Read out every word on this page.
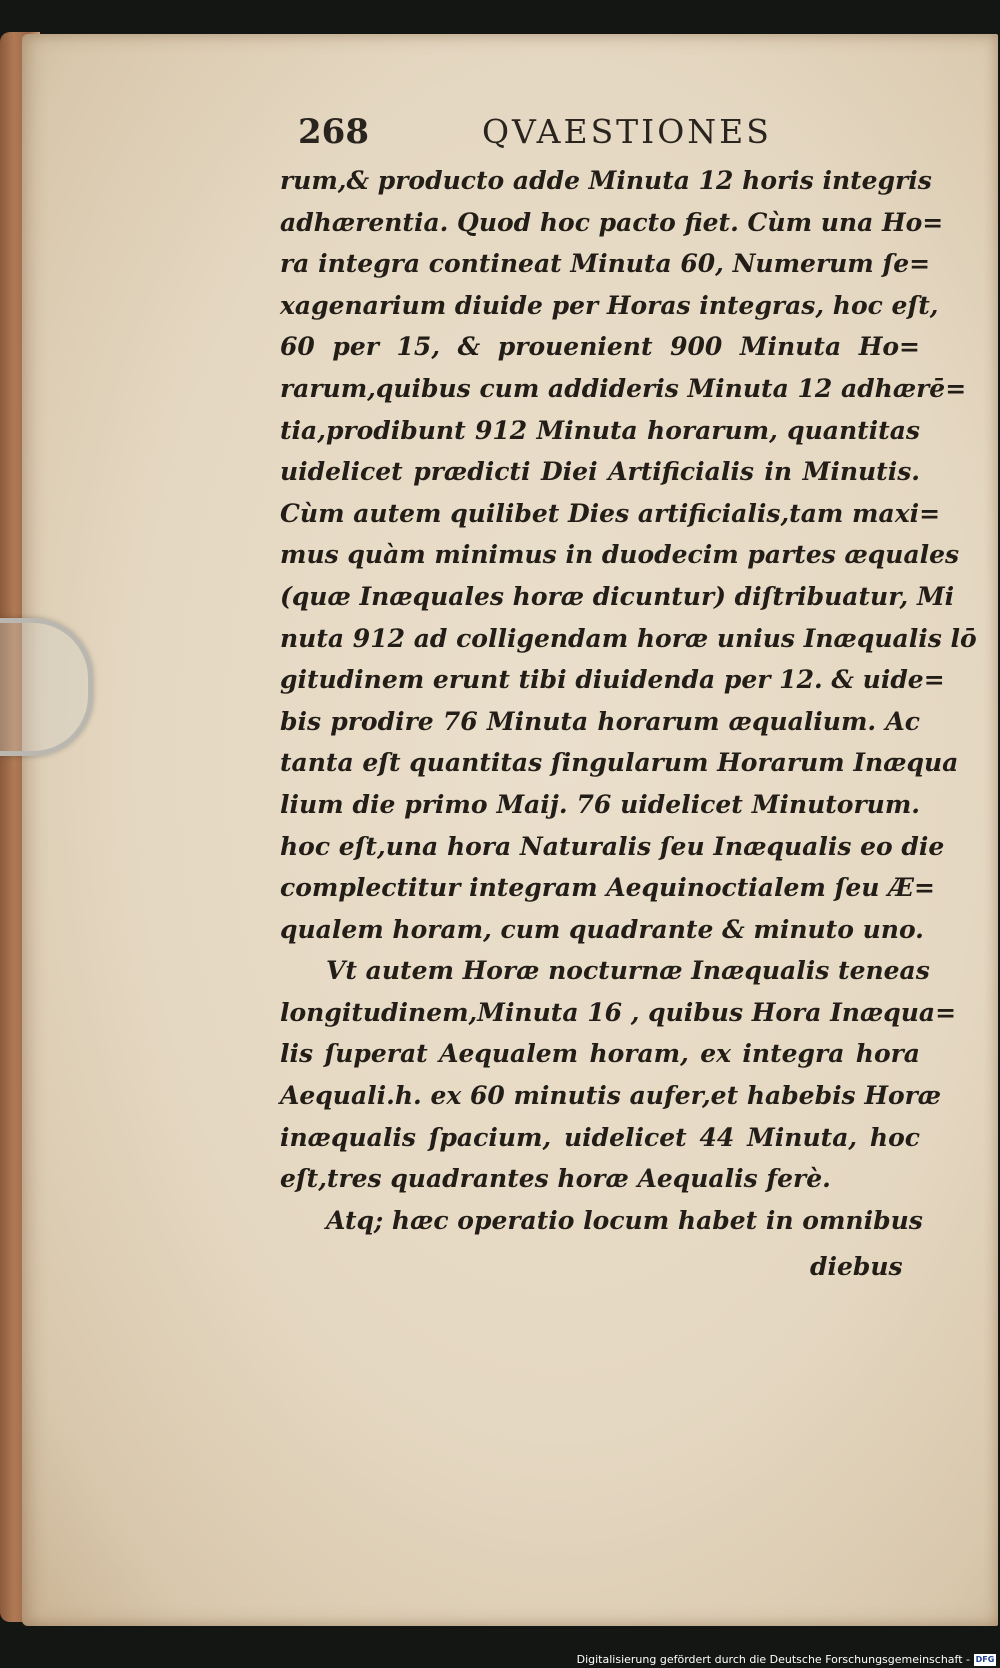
268	QVAESTIONES
rum,& producto adde Minuta 12 horis integris
adhærentia. Quod hoc pacto fiet. Cùm una Ho=
ra integra contineat Minuta 60, Numerum ſe=
xagenarium diuide per Horas integras, hoc eſt,
60 per 15, & prouenient 900 Minuta Ho=
rarum,quibus cum addideris Minuta 12 adhærē=
tia,prodibunt 912 Minuta horarum, quantitas
uidelicet prædicti Diei Artificialis in Minutis.
Cùm autem quilibet Dies artificialis,tam maxi=
mus quàm minimus in duodecim partes æquales
(quæ Inæquales horæ dicuntur) diſtribuatur, Mi
nuta 912 ad colligendam horæ unius Inæqualis lō
gitudinem erunt tibi diuidenda per 12. & uide=
bis prodire 76 Minuta horarum æqualium. Ac
tanta eſt quantitas ſingularum Horarum Inæqua
lium die primo Maij. 76 uidelicet Minutorum.
hoc eſt,una hora Naturalis ſeu Inæqualis eo die
complectitur integram Aequinoctialem ſeu Æ=
qualem horam, cum quadrante & minuto uno.
Vt autem Horæ nocturnæ Inæqualis teneas
longitudinem,Minuta 16 , quibus Hora Inæqua=
lis ſuperat Aequalem horam, ex integra hora
Aequali.h. ex 60 minutis aufer,et habebis Horæ
inæqualis ſpacium, uidelicet 44 Minuta, hoc
eſt,tres quadrantes horæ Aequalis ferè.
Atq; hæc operatio locum habet in omnibus
diebus
Digitalisierung gefördert durch die Deutsche Forschungsgemeinschaft - DFG
